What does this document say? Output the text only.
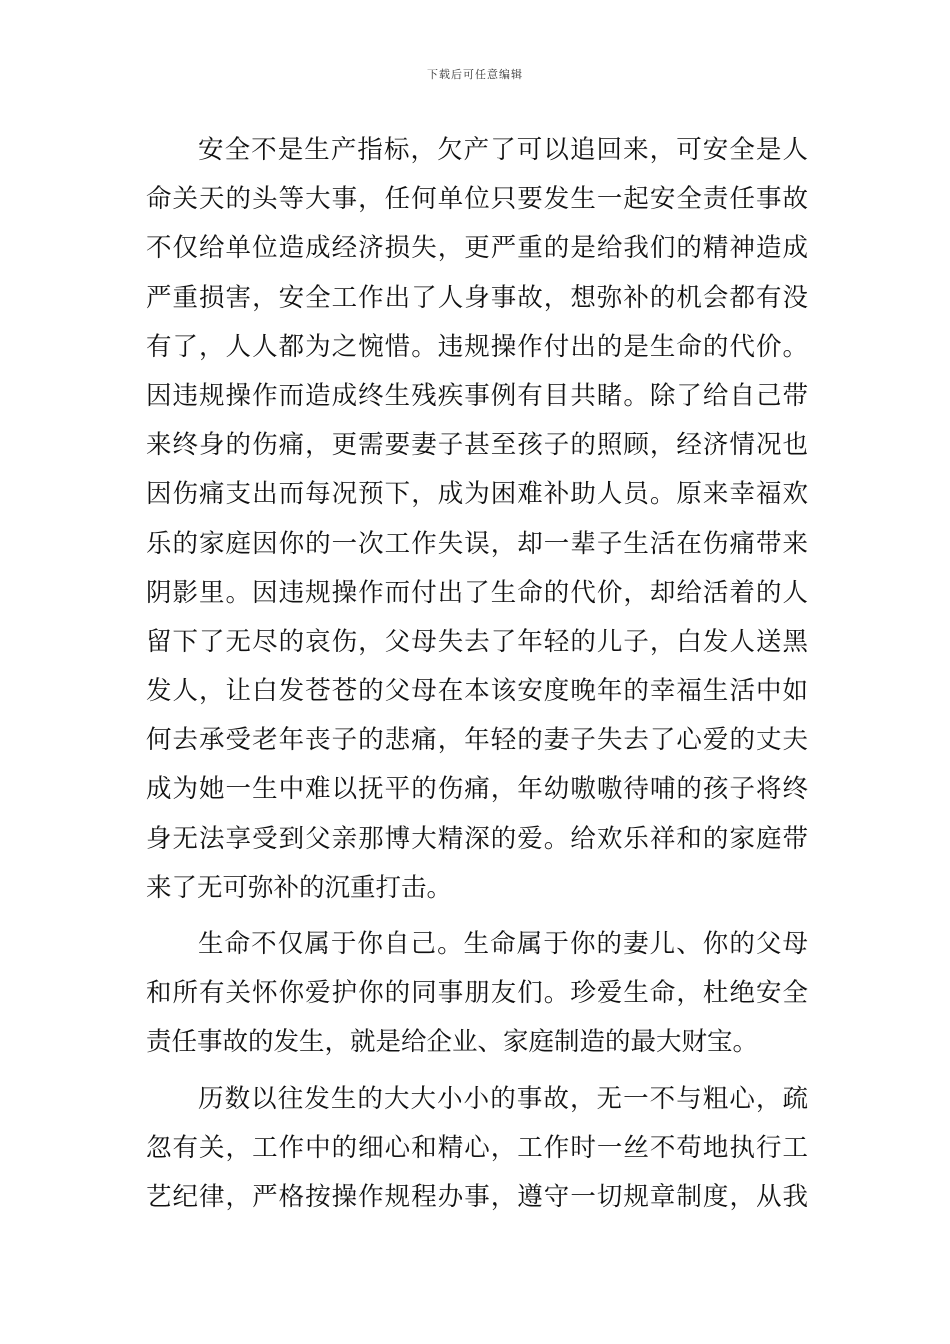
下载后可任意编辑
安全不是生产指标，欠产了可以追回来，可安全是人
命关天的头等大事，任何单位只要发生一起安全责任事故
不仅给单位造成经济损失，更严重的是给我们的精神造成
严重损害，安全工作出了人身事故，想弥补的机会都有没
有了，人人都为之惋惜。违规操作付出的是生命的代价。
因违规操作而造成终生残疾事例有目共睹。除了给自己带
来终身的伤痛，更需要妻子甚至孩子的照顾，经济情况也
因伤痛支出而每况预下，成为困难补助人员。原来幸福欢
乐的家庭因你的一次工作失误，却一辈子生活在伤痛带来
阴影里。因违规操作而付出了生命的代价，却给活着的人
留下了无尽的哀伤，父母失去了年轻的儿子，白发人送黑
发人，让白发苍苍的父母在本该安度晚年的幸福生活中如
何去承受老年丧子的悲痛，年轻的妻子失去了心爱的丈夫
成为她一生中难以抚平的伤痛，年幼嗷嗷待哺的孩子将终
身无法享受到父亲那博大精深的爱。给欢乐祥和的家庭带
来了无可弥补的沉重打击。
生命不仅属于你自己。生命属于你的妻儿、你的父母
和所有关怀你爱护你的同事朋友们。珍爱生命，杜绝安全
责任事故的发生，就是给企业、家庭制造的最大财宝。
历数以往发生的大大小小的事故，无一不与粗心，疏
忽有关，工作中的细心和精心，工作时一丝不苟地执行工
艺纪律，严格按操作规程办事，遵守一切规章制度，从我
